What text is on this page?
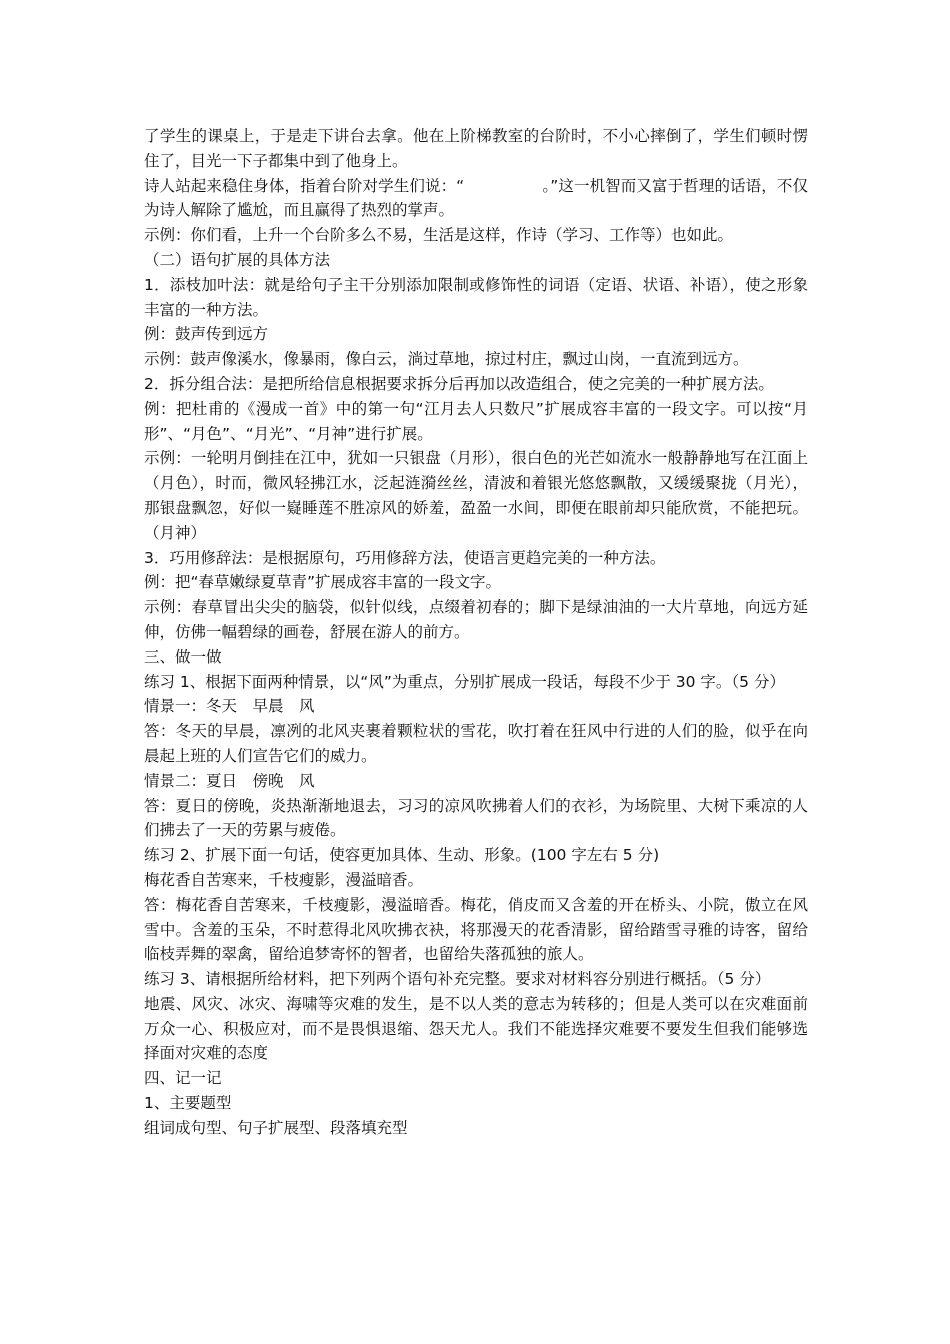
了学生的课桌上，于是走下讲台去拿。他在上阶梯教室的台阶时，不小心摔倒了，学生们顿时愣住了，目光一下子都集中到了他身上。

诗人站起来稳住身体，指着台阶对学生们说：“　　　　　。”这一机智而又富于哲理的话语，不仅为诗人解除了尴尬，而且赢得了热烈的掌声。

示例：你们看，上升一个台阶多么不易，生活是这样，作诗（学习、工作等）也如此。

（二）语句扩展的具体方法

1．添枝加叶法：就是给句子主干分别添加限制或修饰性的词语（定语、状语、补语），使之形象丰富的一种方法。

例：鼓声传到远方

示例：鼓声像溪水，像暴雨，像白云，淌过草地，掠过村庄，飘过山岗，一直流到远方。

2．拆分组合法：是把所给信息根据要求拆分后再加以改造组合，使之完美的一种扩展方法。

例：把杜甫的《漫成一首》中的第一句“江月去人只数尺”扩展成容丰富的一段文字。可以按“月形”、“月色”、“月光”、“月神”进行扩展。

示例：一轮明月倒挂在江中，犹如一只银盘（月形），很白色的光芒如流水一般静静地写在江面上（月色），时而，微风轻拂江水，泛起涟漪丝丝，清波和着银光悠悠飘散，又缓缓聚拢（月光），那银盘飘忽，好似一嶷睡莲不胜凉风的娇羞，盈盈一水间，即便在眼前却只能欣赏，不能把玩。（月神）

3．巧用修辞法：是根据原句，巧用修辞方法，使语言更趋完美的一种方法。

例：把“春草嫩绿夏草青”扩展成容丰富的一段文字。

示例：春草冒出尖尖的脑袋，似针似线，点缀着初春的；脚下是绿油油的一大片草地，向远方延伸，仿佛一幅碧绿的画卷，舒展在游人的前方。

三、做一做

练习 1、根据下面两种情景，以“风”为重点，分别扩展成一段话，每段不少于 30 字。（5 分）

情景一：冬天　早晨　风

答：冬天的早晨，凛冽的北风夹裹着颗粒状的雪花，吹打着在狂风中行进的人们的脸，似乎在向晨起上班的人们宣告它们的威力。

情景二：夏日　傍晚　风

答：夏日的傍晚，炎热渐渐地退去，习习的凉风吹拂着人们的衣衫，为场院里、大树下乘凉的人们拂去了一天的劳累与疲倦。

练习 2、扩展下面一句话，使容更加具体、生动、形象。(100 字左右 5 分)

梅花香自苦寒来，千枝瘦影，漫溢暗香。

答：梅花香自苦寒来，千枝瘦影，漫溢暗香。梅花，俏皮而又含羞的开在桥头、小院，傲立在风雪中。含羞的玉朵，不时惹得北风吹拂衣袂，将那漫天的花香清影，留给踏雪寻雅的诗客，留给临枝弄舞的翠禽，留给追梦寄怀的智者，也留给失落孤独的旅人。

练习 3、请根据所给材料，把下列两个语句补充完整。要求对材料容分别进行概括。（5 分）

地震、风灾、冰灾、海啸等灾难的发生，是不以人类的意志为转移的；但是人类可以在灾难面前万众一心、积极应对，而不是畏惧退缩、怨天尤人。我们不能选择灾难要不要发生但我们能够选择面对灾难的态度

四、记一记

1、主要题型

组词成句型、句子扩展型、段落填充型
